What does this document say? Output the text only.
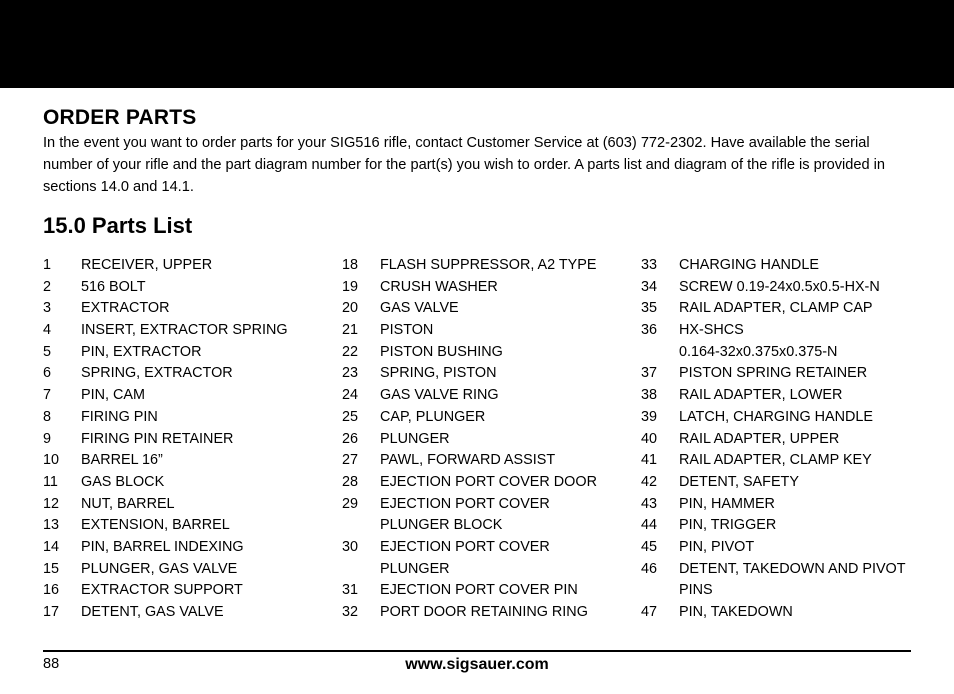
ORDER PARTS

In the event you want to order parts for your SIG516 rifle, contact Customer Service at (603) 772-2302. Have available the serial number of your rifle and the part diagram number for the part(s) you wish to order. A parts list and diagram of the rifle is provided in sections 14.0 and 14.1.

15.0 Parts List
1 RECEIVER, UPPER
2 516 BOLT
3 EXTRACTOR
4 INSERT, EXTRACTOR SPRING
5 PIN, EXTRACTOR
6 SPRING, EXTRACTOR
7 PIN, CAM
8 FIRING PIN
9 FIRING PIN RETAINER
10 BARREL 16”
11 GAS BLOCK
12 NUT, BARREL
13 EXTENSION, BARREL
14 PIN, BARREL INDEXING
15 PLUNGER, GAS VALVE
16 EXTRACTOR SUPPORT
17 DETENT, GAS VALVE
18 FLASH SUPPRESSOR, A2 TYPE
19 CRUSH WASHER
20 GAS VALVE
21 PISTON
22 PISTON BUSHING
23 SPRING, PISTON
24 GAS VALVE RING
25 CAP, PLUNGER
26 PLUNGER
27 PAWL, FORWARD ASSIST
28 EJECTION PORT COVER DOOR
29 EJECTION PORT COVER
PLUNGER BLOCK
30 EJECTION PORT COVER
PLUNGER
31 EJECTION PORT COVER PIN
32 PORT DOOR RETAINING RING
33 CHARGING HANDLE
34 SCREW 0.19-24x0.5x0.5-HX-N
35 RAIL ADAPTER, CLAMP CAP
36 HX-SHCS
0.164-32x0.375x0.375-N
37 PISTON SPRING RETAINER
38 RAIL ADAPTER, LOWER
39 LATCH, CHARGING HANDLE
40 RAIL ADAPTER, UPPER
41 RAIL ADAPTER, CLAMP KEY
42 DETENT, SAFETY
43 PIN, HAMMER
44 PIN, TRIGGER
45 PIN, PIVOT
46 DETENT, TAKEDOWN AND PIVOT
PINS
47 PIN, TAKEDOWN
88	www.sigsauer.com
